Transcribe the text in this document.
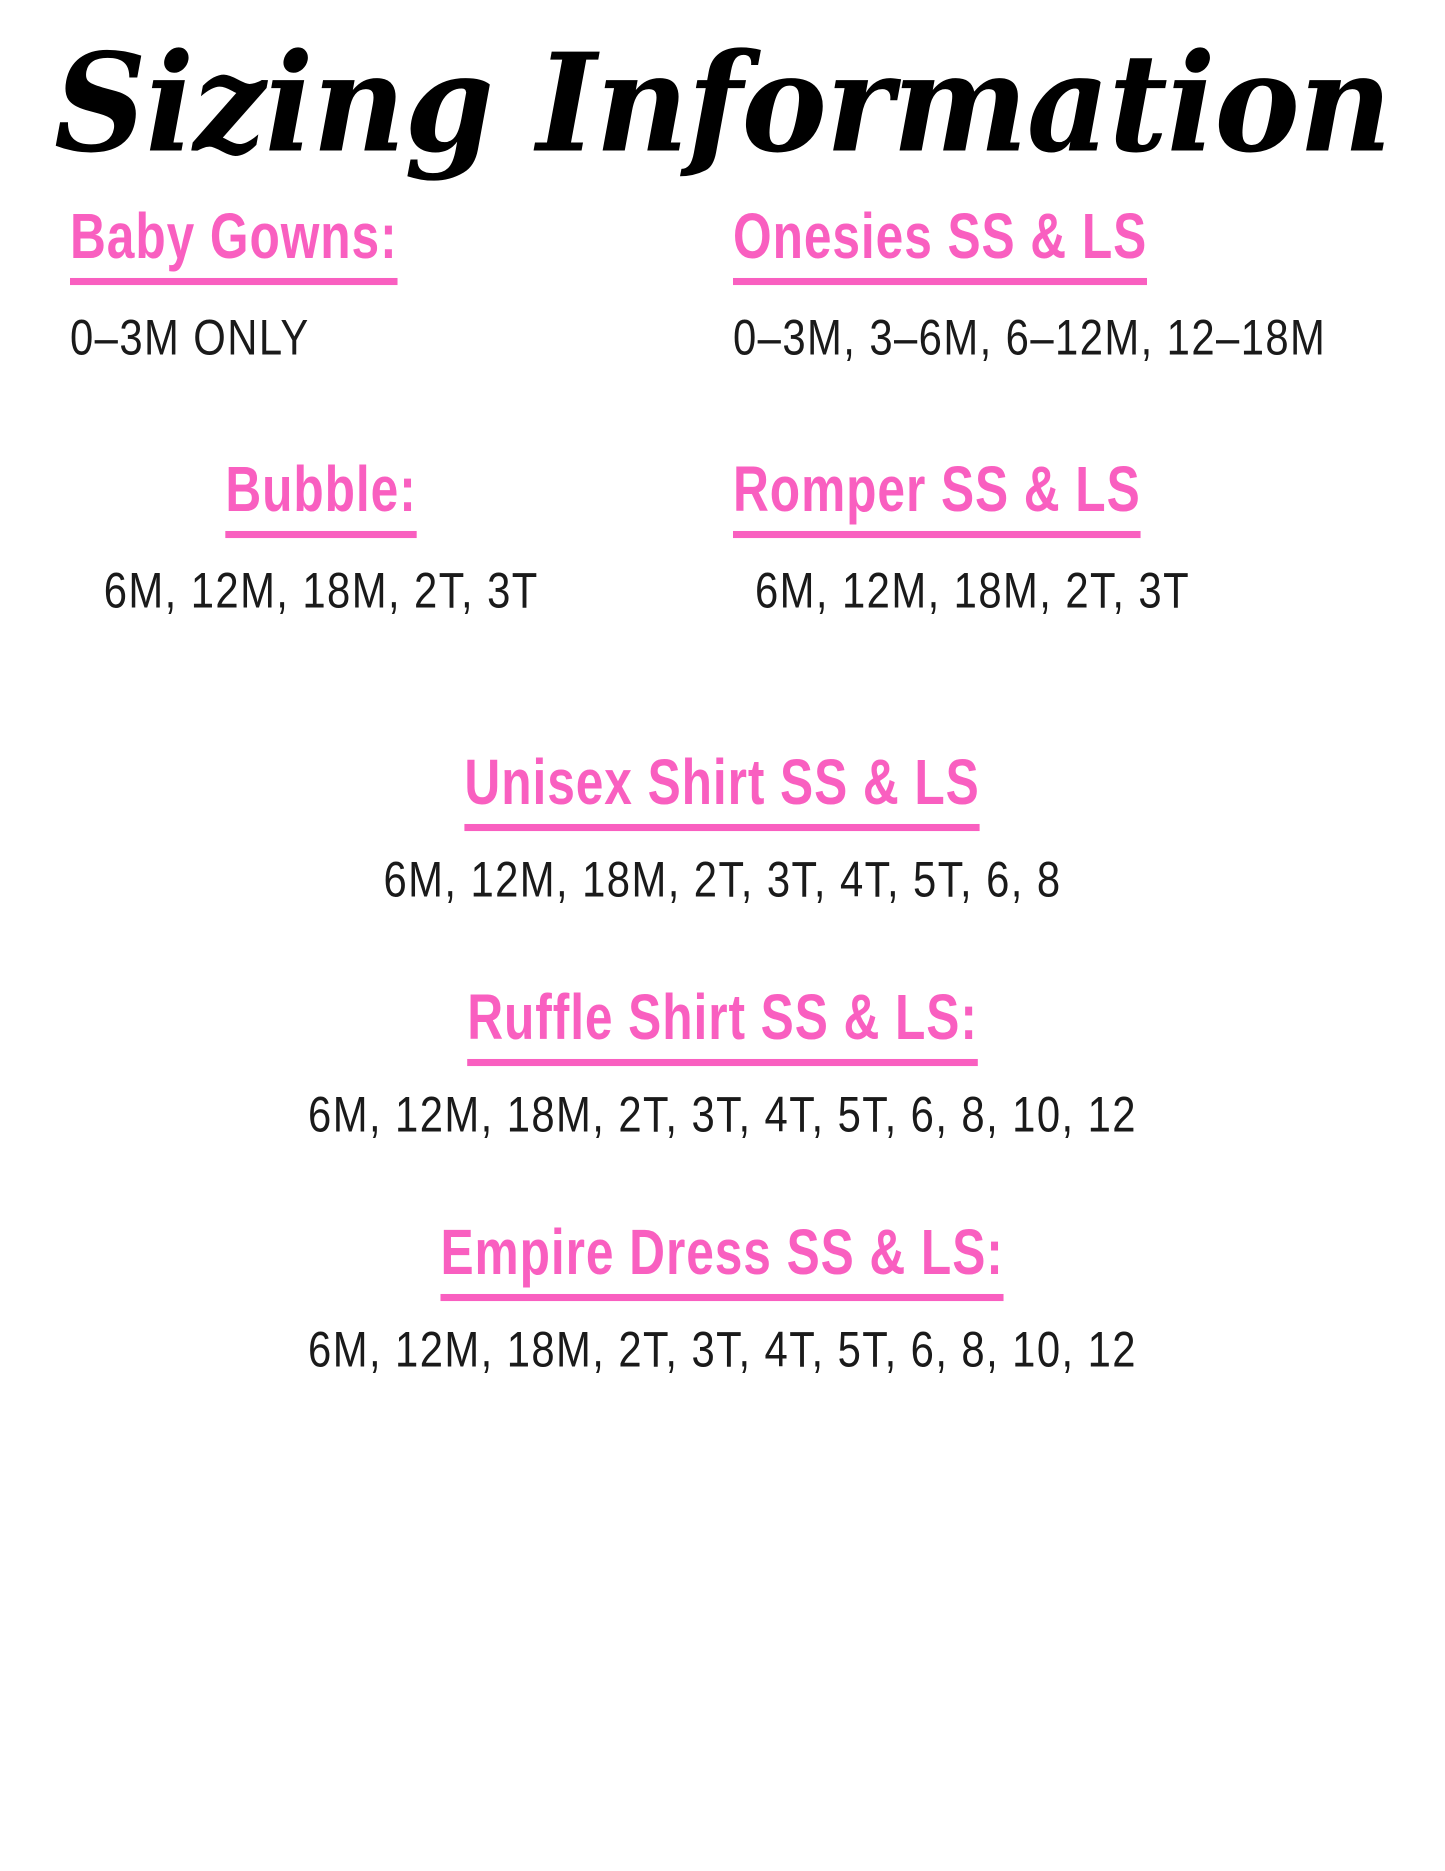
Sizing Information
Baby Gowns:
0–3M ONLY
Bubble:
6M, 12M, 18M, 2T, 3T
Onesies SS & LS
0–3M, 3–6M, 6–12M, 12–18M
Romper SS & LS
6M, 12M, 18M, 2T, 3T
Unisex Shirt SS & LS
6M, 12M, 18M, 2T, 3T, 4T, 5T, 6, 8
Ruffle Shirt SS & LS:
6M, 12M, 18M, 2T, 3T, 4T, 5T, 6, 8, 10, 12
Empire Dress SS & LS:
6M, 12M, 18M, 2T, 3T, 4T, 5T, 6, 8, 10, 12
